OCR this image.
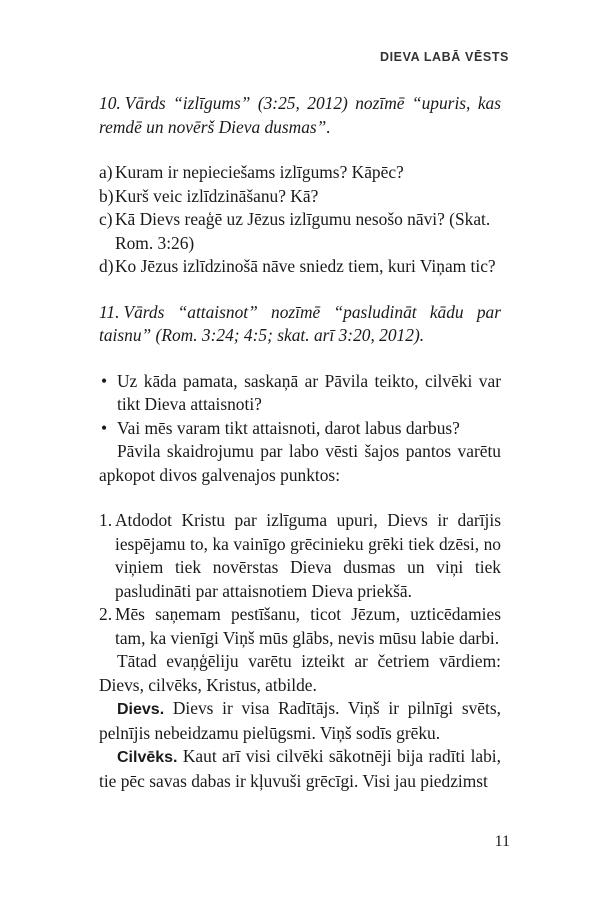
DIEVA LABĀ VĒSTS

10. Vārds “izlīgums” (3:25, 2012) nozīmē “upuris, kas remdē un novērš Dieva dusmas”.

a) Kuram ir nepieciešams izlīgums? Kāpēc?
b) Kurš veic izlīdzināšanu? Kā?
c) Kā Dievs reaģē uz Jēzus izlīgumu nesošo nāvi? (Skat. Rom. 3:26)
d) Ko Jēzus izlīdzinošā nāve sniedz tiem, kuri Viņam tic?

11. Vārds “attaisnot” nozīmē “pasludināt kādu par taisnu” (Rom. 3:24; 4:5; skat. arī 3:20, 2012).

• Uz kāda pamata, saskaņā ar Pāvila teikto, cilvēki var tikt Dieva attaisnoti?
• Vai mēs varam tikt attaisnoti, darot labus darbus?

Pāvila skaidrojumu par labo vēsti šajos pantos varētu apkopot divos galvenajos punktos:

1. Atdodot Kristu par izlīguma upuri, Dievs ir darījis iespējamu to, ka vainīgo grēcinieku grēki tiek dzēsi, no viņiem tiek novērstas Dieva dusmas un viņi tiek pasludināti par attaisnotiem Dieva priekšā.
2. Mēs saņemam pestīšanu, ticot Jēzum, uzticēdamies tam, ka vienīgi Viņš mūs glābs, nevis mūsu labie darbi.

Tātad evaņģēliju varētu izteikt ar četriem vārdiem: Dievs, cilvēks, Kristus, atbilde.

Dievs. Dievs ir visa Radītājs. Viņš ir pilnīgi svēts, pelnījis nebeidzamu pielūgsmi. Viņš sodīs grēku.

Cilvēks. Kaut arī visi cilvēki sākotnēji bija radīti labi, tie pēc savas dabas ir kļuvuši grēcīgi. Visi jau piedzimst

11
